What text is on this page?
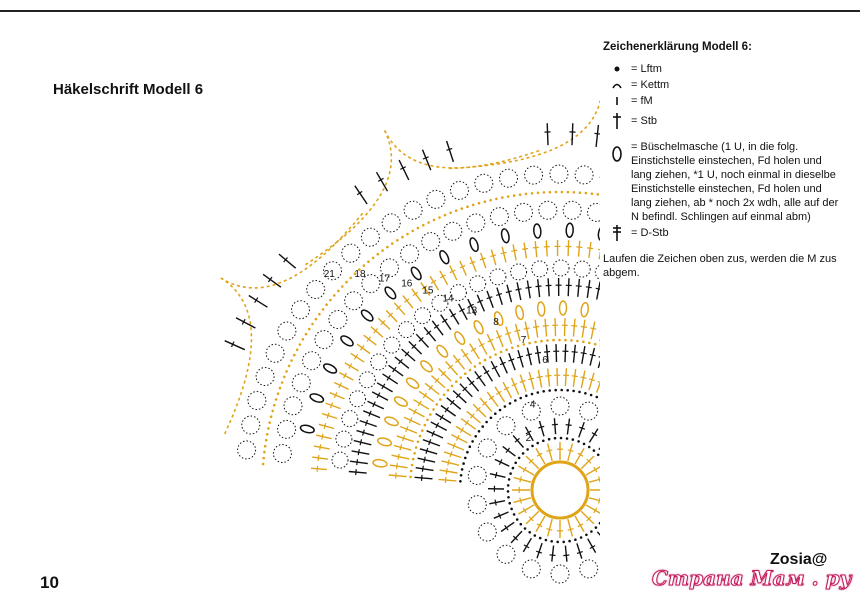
Häkelschrift Modell 6
2
4
6
7
8
13
14
15
16
17
18
21
Zeichenerklärung Modell 6:
= Lftm
= Kettm
= fM
= Stb
= Büschelmasche (1 U, in die folg. Einstichstelle einstechen, Fd holen und lang ziehen, *1 U, noch einmal in dieselbe Einstichstelle einstechen, Fd holen und lang ziehen, ab * noch 2x wdh, alle auf der N befindl. Schlingen auf einmal abm)
= D-Stb
Laufen die Zeichen oben zus, werden die M zus abgem.
10
Zosia@
Страна Мам . ру
